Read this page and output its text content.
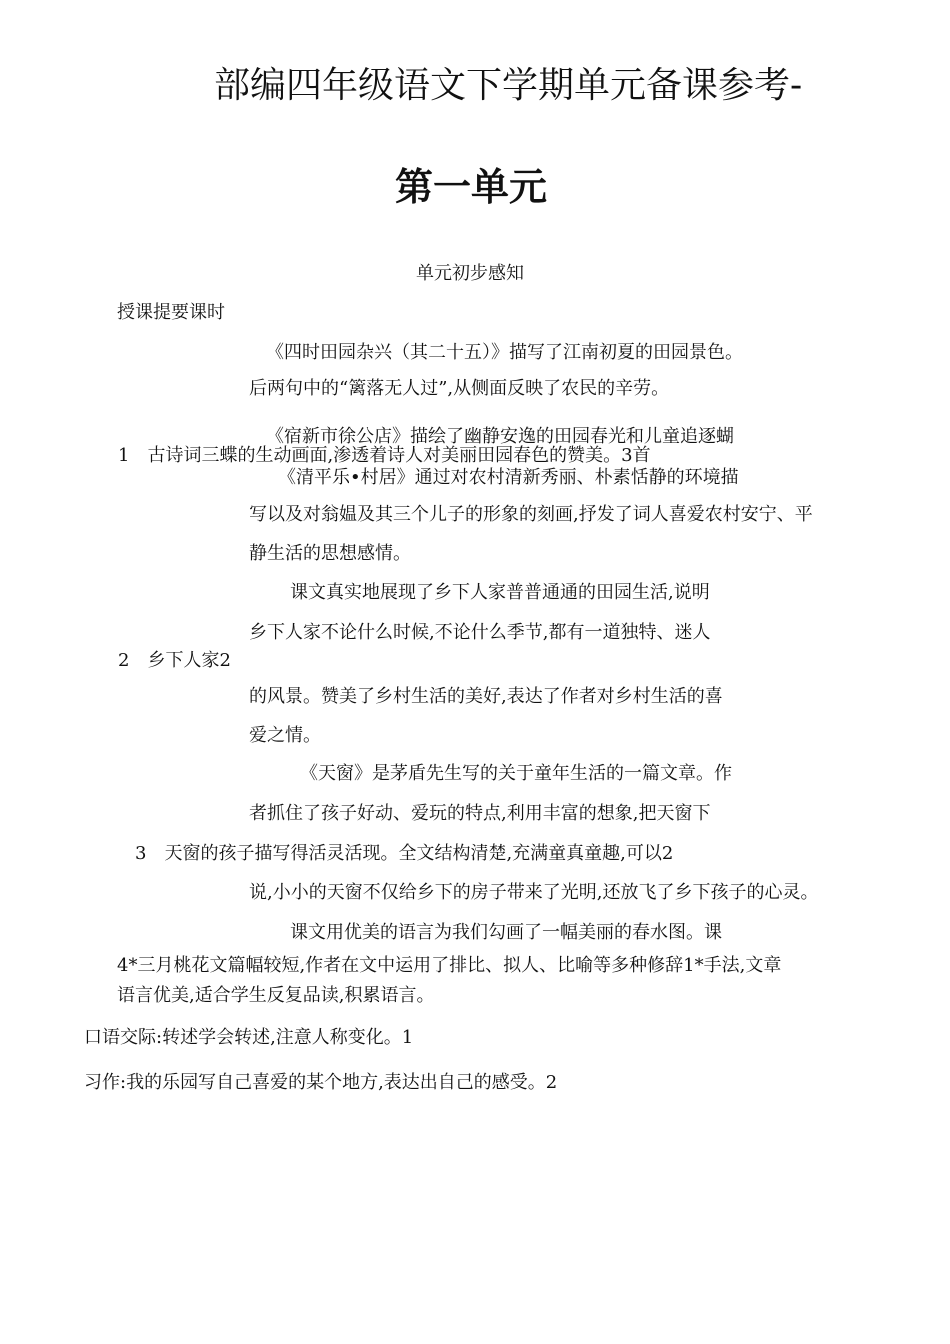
部编四年级语文下学期单元备课参考-
第一单元
单元初步感知
授课提要课时
《四时田园杂兴（其二十五）》描写了江南初夏的田园景色。
后两句中的“篱落无人过”,从侧面反映了农民的辛劳。
《宿新市徐公店》描绘了幽静安逸的田园春光和儿童追逐蝴
1　古诗词三蝶的生动画面,渗透着诗人对美丽田园春色的赞美。3首
《清平乐•村居》通过对农村清新秀丽、朴素恬静的环境描
写以及对翁媪及其三个儿子的形象的刻画,抒发了词人喜爱农村安宁、平
静生活的思想感情。
课文真实地展现了乡下人家普普通通的田园生活,说明
乡下人家不论什么时候,不论什么季节,都有一道独特、迷人
2　乡下人家2
的风景。赞美了乡村生活的美好,表达了作者对乡村生活的喜
爱之情。
《天窗》是茅盾先生写的关于童年生活的一篇文章。作
者抓住了孩子好动、爱玩的特点,利用丰富的想象,把天窗下
3　天窗的孩子描写得活灵活现。全文结构清楚,充满童真童趣,可以2
说,小小的天窗不仅给乡下的房子带来了光明,还放飞了乡下孩子的心灵。
课文用优美的语言为我们勾画了一幅美丽的春水图。课
4*三月桃花文篇幅较短,作者在文中运用了排比、拟人、比喻等多种修辞1*手法,文章
语言优美,适合学生反复品读,积累语言。
口语交际:转述学会转述,注意人称变化。1
习作:我的乐园写自己喜爱的某个地方,表达出自己的感受。2
